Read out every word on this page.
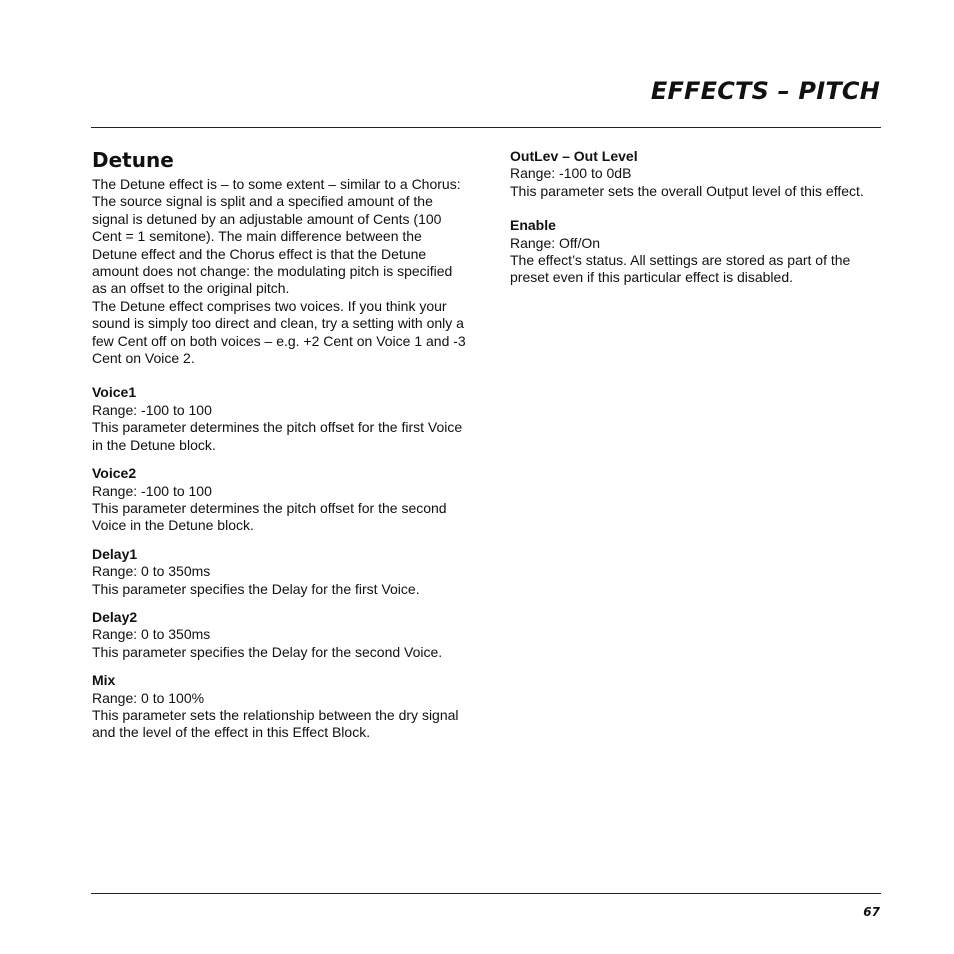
EFFECTS – PITCH
Detune

The Detune effect is – to some extent – similar to a Chorus: The source signal is split and a specified amount of the signal is detuned by an adjustable amount of Cents (100 Cent = 1 semitone). The main difference between the Detune effect and the Chorus effect is that the Detune amount does not change: the modulating pitch is specified as an offset to the original pitch.

The Detune effect comprises two voices. If you think your sound is simply too direct and clean, try a setting with only a few Cent off on both voices – e.g. +2 Cent on Voice 1 and -3 Cent on Voice 2.

Voice1
Range: -100 to 100
This parameter determines the pitch offset for the first Voice in the Detune block.
Voice2
Range: -100 to 100
This parameter determines the pitch offset for the second Voice in the Detune block.
Delay1
Range: 0 to 350ms
This parameter specifies the Delay for the first Voice.
Delay2
Range: 0 to 350ms
This parameter specifies the Delay for the second Voice.
Mix
Range: 0 to 100%
This parameter sets the relationship between the dry signal and the level of the effect in this Effect Block.
OutLev – Out Level
Range: -100 to 0dB
This parameter sets the overall Output level of this effect.
Enable
Range: Off/On
The effect’s status. All settings are stored as part of the preset even if this particular effect is disabled.
67
